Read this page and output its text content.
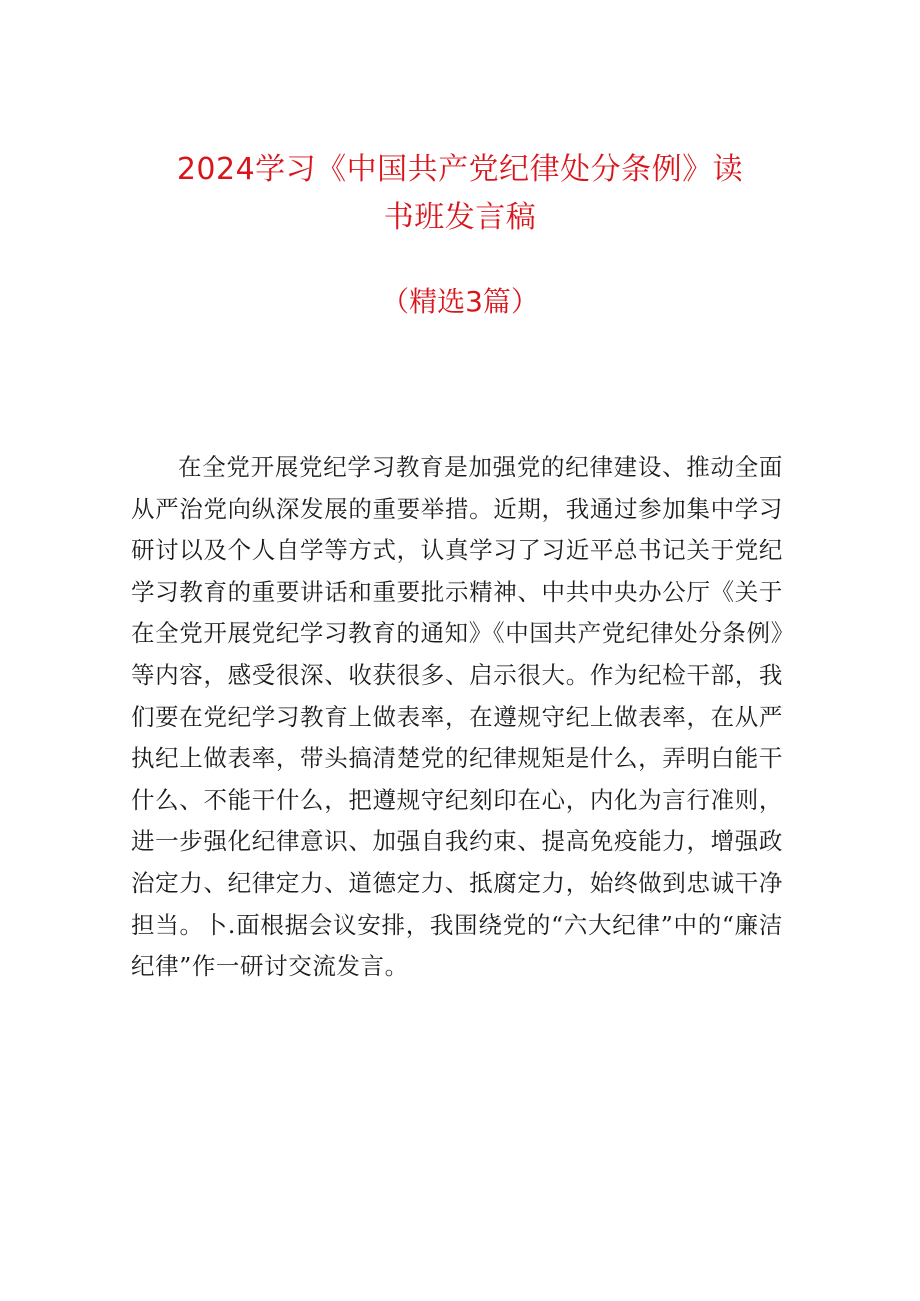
2024学习《中国共产党纪律处分条例》读
书班发言稿
（精选3篇）

在全党开展党纪学习教育是加强党的纪律建设、推动全面从严治党向纵深发展的重要举措。近期，我通过参加集中学习研讨以及个人自学等方式，认真学习了习近平总书记关于党纪学习教育的重要讲话和重要批示精神、中共中央办公厅《关于在全党开展党纪学习教育的通知》《中国共产党纪律处分条例》等内容，感受很深、收获很多、启示很大。作为纪检干部，我们要在党纪学习教育上做表率，在遵规守纪上做表率，在从严执纪上做表率，带头搞清楚党的纪律规矩是什么，弄明白能干什么、不能干什么，把遵规守纪刻印在心，内化为言行准则，进一步强化纪律意识、加强自我约束、提高免疫能力，增强政治定力、纪律定力、道德定力、抵腐定力，始终做到忠诚干净担当。卜.面根据会议安排，我围绕党的“六大纪律”中的“廉洁纪律”作一研讨交流发言。
